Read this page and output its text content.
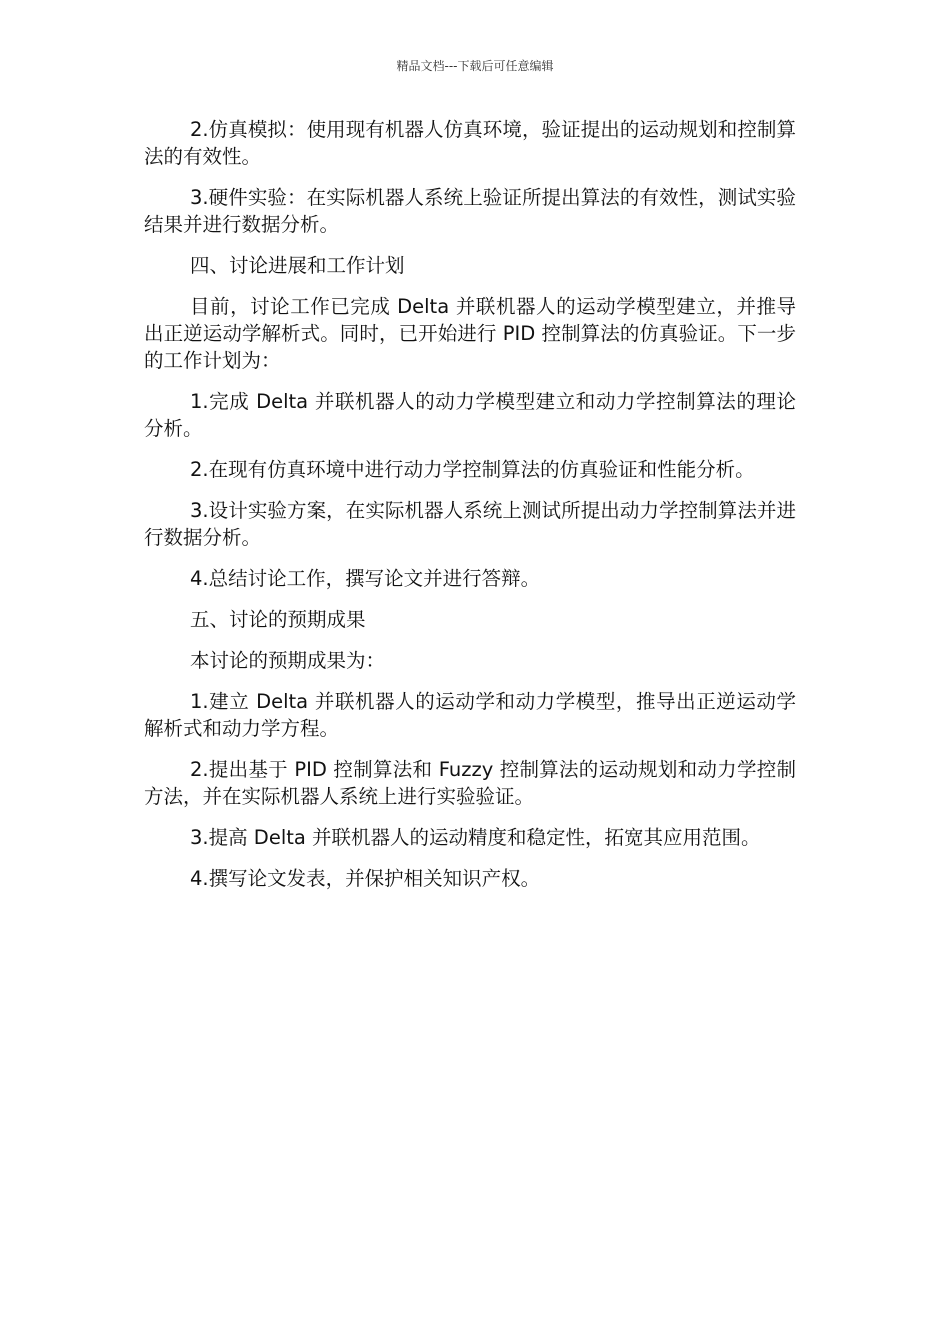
精品文档---下载后可任意编辑

2.仿真模拟：使用现有机器人仿真环境，验证提出的运动规划和控制算法的有效性。

3.硬件实验：在实际机器人系统上验证所提出算法的有效性，测试实验结果并进行数据分析。

四、讨论进展和工作计划

目前，讨论工作已完成 Delta 并联机器人的运动学模型建立，并推导出正逆运动学解析式。同时，已开始进行 PID 控制算法的仿真验证。下一步的工作计划为：

1.完成 Delta 并联机器人的动力学模型建立和动力学控制算法的理论分析。

2.在现有仿真环境中进行动力学控制算法的仿真验证和性能分析。

3.设计实验方案，在实际机器人系统上测试所提出动力学控制算法并进行数据分析。

4.总结讨论工作，撰写论文并进行答辩。

五、讨论的预期成果

本讨论的预期成果为：

1.建立 Delta 并联机器人的运动学和动力学模型，推导出正逆运动学解析式和动力学方程。

2.提出基于 PID 控制算法和 Fuzzy 控制算法的运动规划和动力学控制方法，并在实际机器人系统上进行实验验证。

3.提高 Delta 并联机器人的运动精度和稳定性，拓宽其应用范围。

4.撰写论文发表，并保护相关知识产权。
